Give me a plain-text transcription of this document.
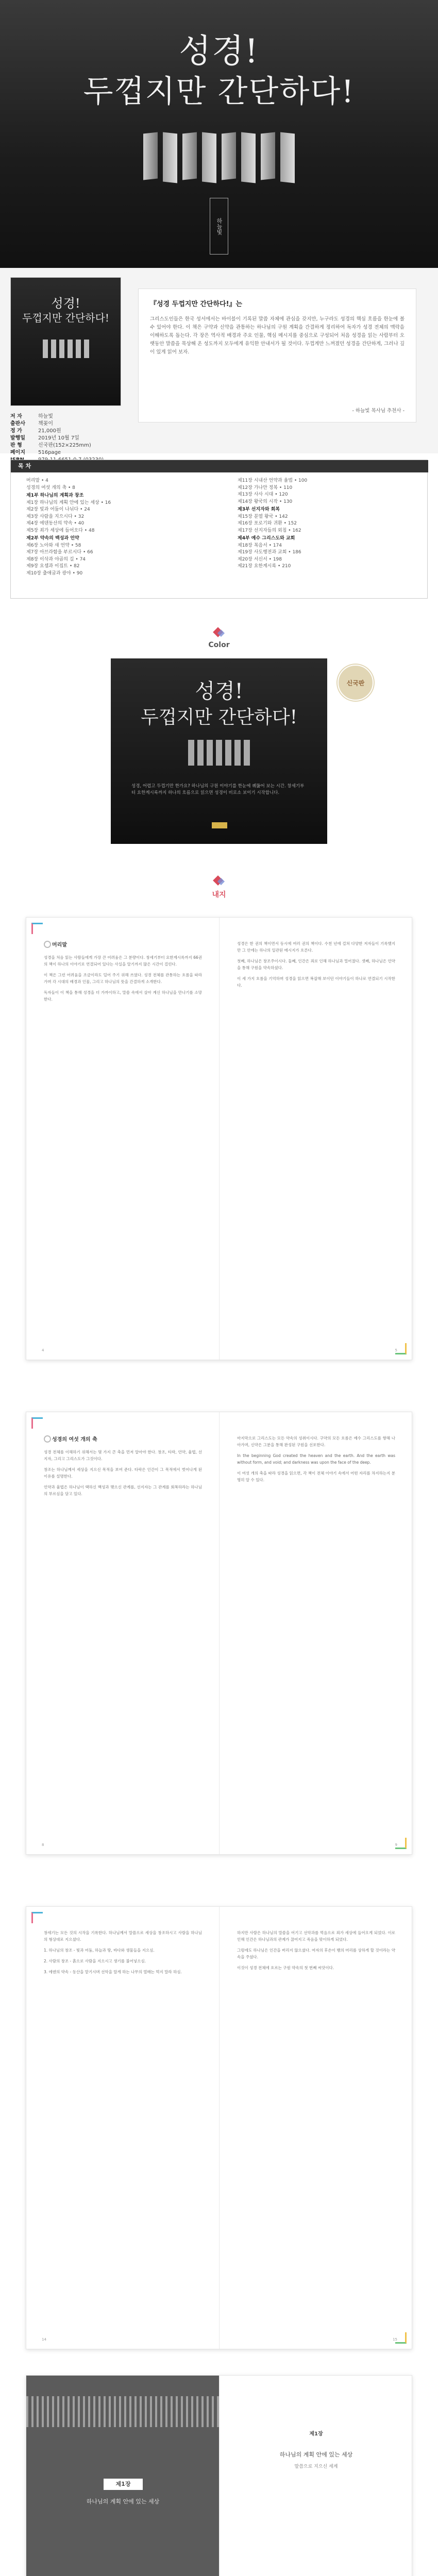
성경!
두껍지만 간단하다!
하늘빛
성경!
두껍지만 간단하다!
저 자	하늘빛
출판사	책꽂이
정 가	21,000원
발행일	2019년 10월 7일
판 형	신국판(152×225mm)
페이지	516page
『성경 두껍지만 간단하다!』는
그리스도인들은 한국 성서에서는 바이블이 기록된 말씀 자체에 관심을 갖지만, 누구라도 성경의 핵심 흐름을 한눈에 볼 수 있어야 한다. 이 책은 구약과 신약을 관통하는 하나님의 구원 계획을 간결하게 정리하여 독자가 성경 전체의 맥락을 이해하도록 돕는다. 각 장은 역사적 배경과 주요 인물, 핵심 메시지를 중심으로 구성되어 처음 성경을 읽는 사람부터 오랫동안 말씀을 묵상해 온 성도까지 모두에게 유익한 안내서가 될 것이다. 두껍게만 느껴졌던 성경을 간단하게, 그러나 깊이 있게 읽어 보자.
- 하늘빛 목사님 추천사 -
목 차
머리말 • 4
성경의 여섯 개의 축 • 8
제1부 하나님의 계획과 창조
제1장 하나님의 계획 안에 있는 세상 • 16
제2장 빛과 어둠이 나뉘다 • 24
제3장 사람을 지으시다 • 32
제4장 에덴동산의 약속 • 40
제5장 죄가 세상에 들어오다 • 48
제2부 약속의 백성과 언약
제6장 노아와 새 언약 • 58
제7장 아브라함을 부르시다 • 66
제8장 이삭과 야곱의 길 • 74
제9장 요셉과 이집트 • 82
제10장 출애굽과 광야 • 90
제11장 시내산 언약과 율법 • 100
제12장 가나안 정복 • 110
제13장 사사 시대 • 120
제14장 왕국의 시작 • 130
제3부 선지자와 회복
제15장 분열 왕국 • 142
제16장 포로기와 귀환 • 152
제17장 선지자들의 외침 • 162
제4부 예수 그리스도와 교회
제18장 복음서 • 174
제19장 사도행전과 교회 • 186
제20장 서신서 • 198
제21장 요한계시록 • 210
Color
성경!
두껍지만 간단하다!
성경, 어렵고 두껍기만 한가요? 하나님의 구원 이야기를 한눈에 꿰뚫어 보는 시간. 창세기부터 요한계시록까지 하나의 흐름으로 읽으면 성경이 비로소 보이기 시작합니다.
신국판
내지
머리말

성경을 처음 읽는 사람들에게 가장 큰 어려움은 그 분량이다. 창세기부터 요한계시록까지 66권의 책이 하나의 이야기로 연결되어 있다는 사실을 알기까지 많은 시간이 걸린다.

이 책은 그런 어려움을 조금이라도 덜어 주기 위해 쓰였다. 성경 전체를 관통하는 흐름을 따라가며 각 시대의 배경과 인물, 그리고 하나님의 뜻을 간결하게 소개한다.

독자들이 이 책을 통해 성경을 더 가까이하고, 말씀 속에서 살아 계신 하나님을 만나기를 소망한다.

4

성경은 한 권의 책이면서 동시에 여러 권의 책이다. 수천 년에 걸쳐 다양한 저자들이 기록했지만 그 안에는 하나의 일관된 메시지가 흐른다.

첫째, 하나님은 창조주이시다. 둘째, 인간은 죄로 인해 하나님과 멀어졌다. 셋째, 하나님은 언약을 통해 구원을 약속하셨다.

이 세 가지 흐름을 기억하며 성경을 읽으면 복잡해 보이던 이야기들이 하나로 연결되기 시작한다.

5
성경의 여섯 개의 축

성경 전체를 이해하기 위해서는 몇 가지 큰 축을 먼저 알아야 한다. 창조, 타락, 언약, 율법, 선지자, 그리고 그리스도가 그것이다.

창조는 하나님께서 세상을 지으신 목적을 보여 준다. 타락은 인간이 그 목적에서 벗어나게 된 이유를 설명한다.

언약과 율법은 하나님이 택하신 백성과 맺으신 관계를, 선지자는 그 관계를 회복하라는 하나님의 부르심을 담고 있다.

8

마지막으로 그리스도는 모든 약속의 성취이시다. 구약의 모든 흐름은 예수 그리스도를 향해 나아가며, 신약은 그분을 통해 완성된 구원을 선포한다.

In the beginning God created the heaven and the earth. And the earth was without form, and void; and darkness was upon the face of the deep.

이 여섯 개의 축을 따라 성경을 읽으면, 각 책이 전체 이야기 속에서 어떤 자리를 차지하는지 분명히 알 수 있다.

9

창세기는 모든 것의 시작을 기록한다. 하나님께서 말씀으로 세상을 창조하시고 사람을 하나님의 형상대로 지으셨다.

1. 하나님의 창조 - 빛과 어둠, 하늘과 땅, 바다와 생물들을 지으심.

2. 사람의 창조 - 흙으로 사람을 지으시고 생기를 불어넣으심.

3. 에덴의 약속 - 동산을 맡기시며 선악을 알게 하는 나무의 열매는 먹지 말라 하심.

14

하지만 사람은 하나님의 말씀을 어기고 선악과를 먹음으로 죄가 세상에 들어오게 되었다. 이로 인해 인간은 하나님과의 관계가 끊어지고 죽음을 맞이하게 되었다.

그럼에도 하나님은 인간을 버리지 않으셨다. 여자의 후손이 뱀의 머리를 상하게 할 것이라는 약속을 주셨다.

이것이 성경 전체에 흐르는 구원 약속의 첫 번째 씨앗이다.

15
제1장
하나님의 계획 안에 있는 세상
제1장
하나님의 계획 안에 있는 세상
말씀으로 지으신 세계
